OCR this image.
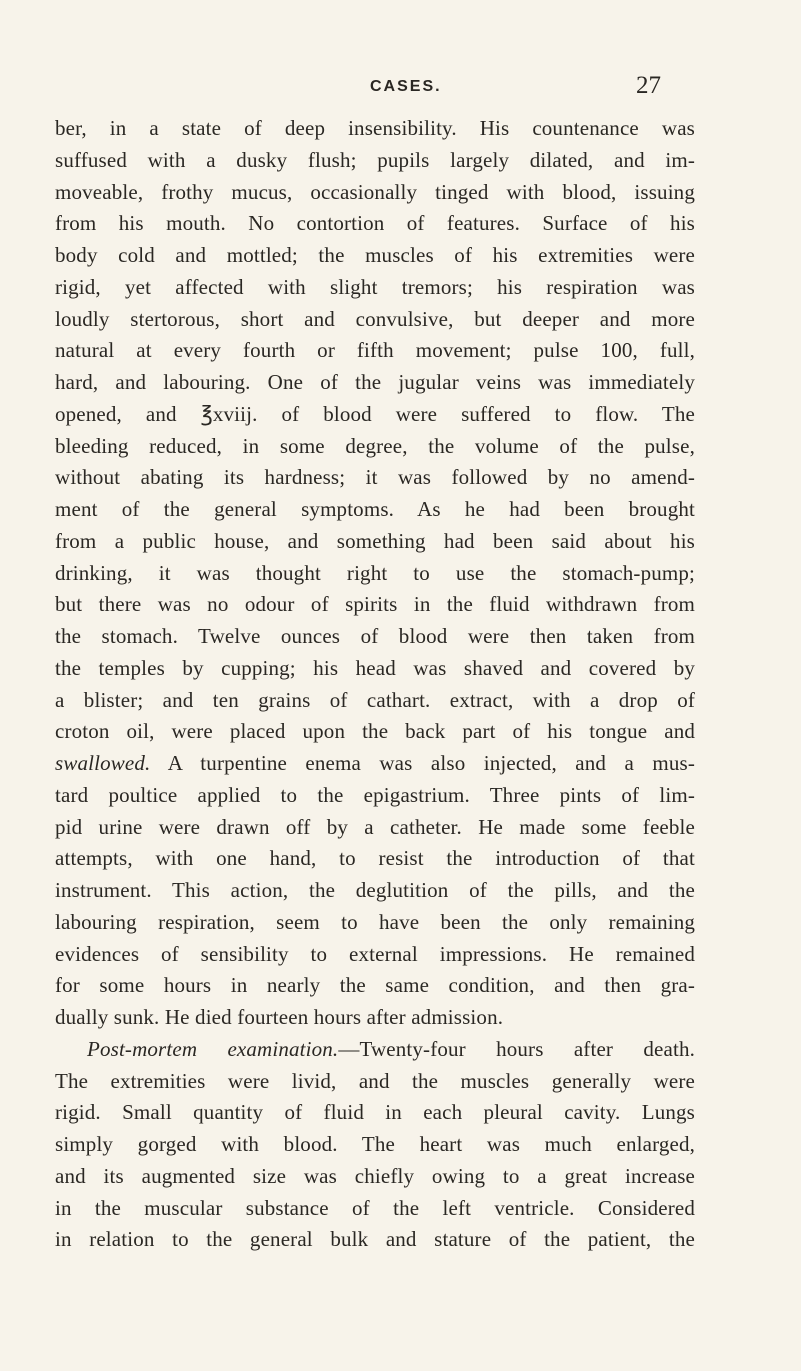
CASES.	27
ber, in a state of deep insensibility. His countenance was
suffused with a dusky flush; pupils largely dilated, and im-
moveable, frothy mucus, occasionally tinged with blood, issuing
from his mouth. No contortion of features. Surface of his
body cold and mottled; the muscles of his extremities were
rigid, yet affected with slight tremors; his respiration was
loudly stertorous, short and convulsive, but deeper and more
natural at every fourth or fifth movement; pulse 100, full,
hard, and labouring. One of the jugular veins was immediately
opened, and ℥xviij. of blood were suffered to flow. The
bleeding reduced, in some degree, the volume of the pulse,
without abating its hardness; it was followed by no amend-
ment of the general symptoms. As he had been brought
from a public house, and something had been said about his
drinking, it was thought right to use the stomach-pump;
but there was no odour of spirits in the fluid withdrawn from
the stomach. Twelve ounces of blood were then taken from
the temples by cupping; his head was shaved and covered by
a blister; and ten grains of cathart. extract, with a drop of
croton oil, were placed upon the back part of his tongue and
swallowed. A turpentine enema was also injected, and a mus-
tard poultice applied to the epigastrium. Three pints of lim-
pid urine were drawn off by a catheter. He made some feeble
attempts, with one hand, to resist the introduction of that
instrument. This action, the deglutition of the pills, and the
labouring respiration, seem to have been the only remaining
evidences of sensibility to external impressions. He remained
for some hours in nearly the same condition, and then gra-
dually sunk. He died fourteen hours after admission.
Post-mortem examination.—Twenty-four hours after death.
The extremities were livid, and the muscles generally were
rigid. Small quantity of fluid in each pleural cavity. Lungs
simply gorged with blood. The heart was much enlarged,
and its augmented size was chiefly owing to a great increase
in the muscular substance of the left ventricle. Considered
in relation to the general bulk and stature of the patient, the
